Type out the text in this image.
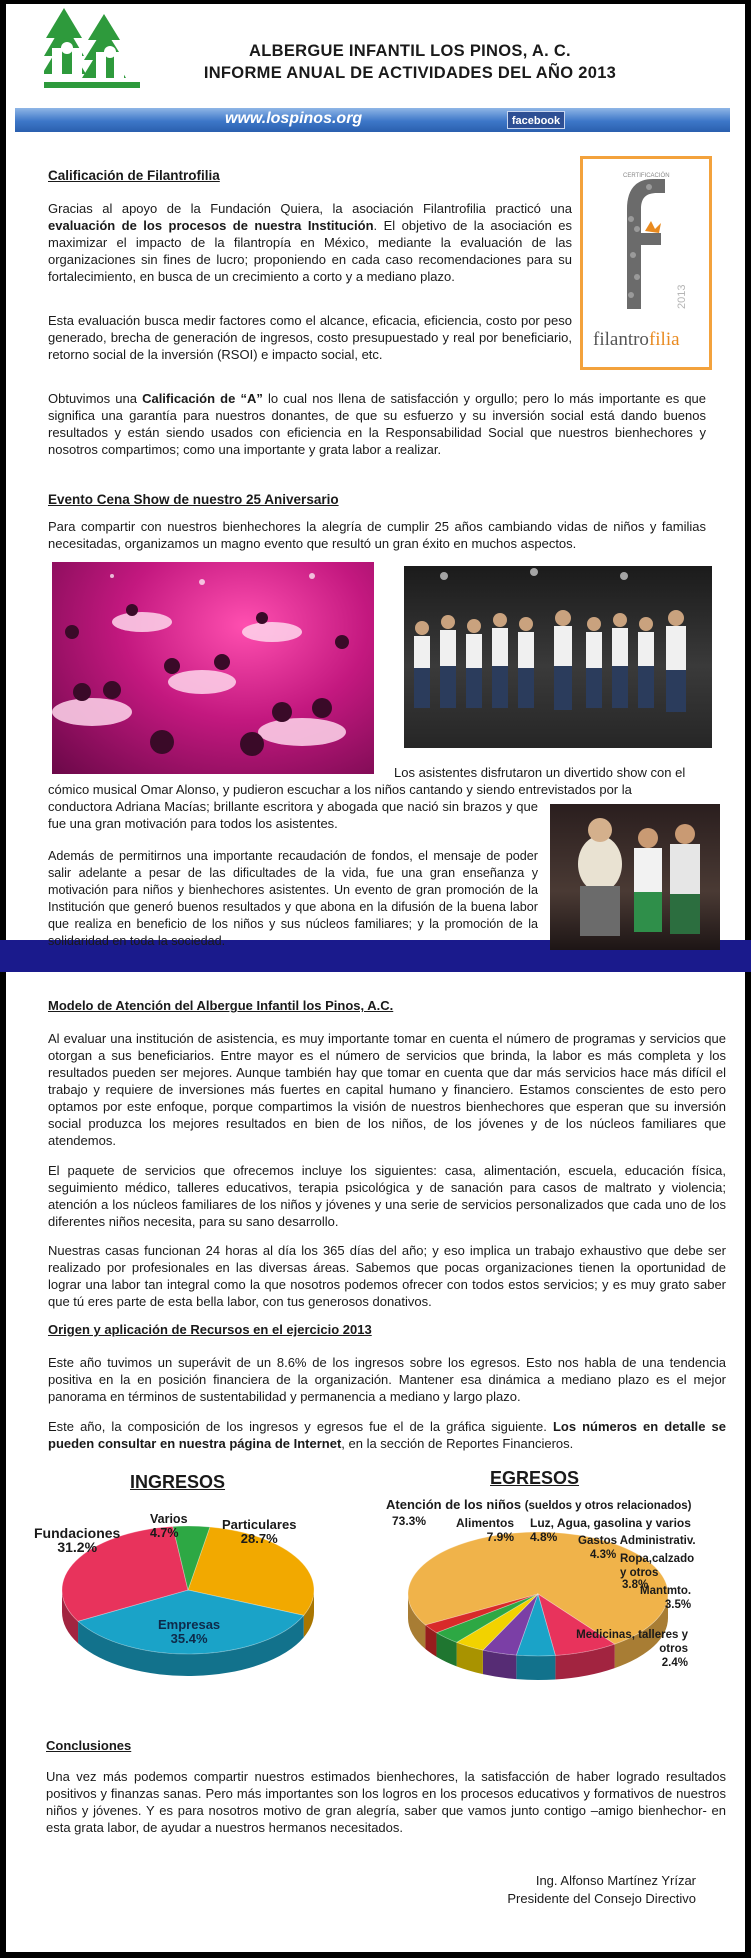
ALBERGUE INFANTIL LOS PINOS, A. C.
INFORME ANUAL DE ACTIVIDADES DEL AÑO 2013
www.lospinos.org	facebook
Calificación de Filantrofilia
Gracias al apoyo de la Fundación Quiera, la asociación Filantrofilia practicó una evaluación de los procesos de nuestra Institución. El objetivo de la asociación es maximizar el impacto de la filantropía en México, mediante la evaluación de las organizaciones sin fines de lucro; proponiendo en cada caso recomendaciones para su fortalecimiento, en busca de un crecimiento a corto y a mediano plazo.
Esta evaluación busca medir factores como el alcance, eficacia, eficiencia, costo por peso generado, brecha de generación de ingresos, costo presupuestado y real por beneficiario, retorno social de la inversión (RSOI) e impacto social, etc.
Obtuvimos una Calificación de “A” lo cual nos llena de satisfacción y orgullo; pero lo más importante es que significa una garantía para nuestros donantes, de que su esfuerzo y su inversión social está dando buenos resultados y están siendo usados con eficiencia en la Responsabilidad Social que nuestros bienhechores y nosotros compartimos; como una importante y grata labor a realizar.
CERTIFICACIÓN
2013
filantrofilia
Evento Cena Show de nuestro 25 Aniversario
Para compartir con nuestros bienhechores la alegría de cumplir 25 años cambiando vidas de niños y familias necesitadas, organizamos un magno evento que resultó un gran éxito en muchos aspectos.
Los asistentes disfrutaron un divertido show con el
cómico musical Omar Alonso, y pudieron escuchar a los niños cantando y siendo entrevistados por la
conductora Adriana Macías; brillante escritora y abogada que nació sin brazos y que fue una gran motivación para todos los asistentes.
Además de permitirnos una importante recaudación de fondos, el mensaje de poder salir adelante a pesar de las dificultades de la vida, fue una gran enseñanza y motivación para niños y bienhechores asistentes. Un evento de gran promoción de la Institución que generó buenos resultados y que abona en la difusión de la buena labor que realiza en beneficio de los niños y sus núcleos familiares; y la promoción de la solidaridad en toda la sociedad.
Modelo de Atención del Albergue Infantil los Pinos, A.C.
Al evaluar una institución de asistencia, es muy importante tomar en cuenta el número de programas y servicios que otorgan a sus beneficiarios. Entre mayor es el número de servicios que brinda, la labor es más completa y los resultados pueden ser mejores. Aunque también hay que tomar en cuenta que dar más servicios hace más difícil el trabajo y requiere de inversiones más fuertes en capital humano y financiero. Estamos conscientes de esto pero optamos por este enfoque, porque compartimos la visión de nuestros bienhechores que esperan que su inversión social produzca los mejores resultados en bien de los niños, de los jóvenes y de los núcleos familiares que atendemos.
El paquete de servicios que ofrecemos incluye los siguientes: casa, alimentación, escuela, educación física, seguimiento médico, talleres educativos, terapia psicológica y de sanación para casos de maltrato y violencia; atención a los núcleos familiares de los niños y jóvenes y una serie de servicios personalizados que cada uno de los diferentes niños necesita, para su sano desarrollo.
Nuestras casas funcionan 24 horas al día los 365 días del año; y eso implica un trabajo exhaustivo que debe ser realizado por profesionales en las diversas áreas. Sabemos que pocas organizaciones tienen la oportunidad de lograr una labor tan integral como la que nosotros podemos ofrecer con todos estos servicios; y es muy grato saber que tú eres parte de esta bella labor, con tus generosos donativos.
Origen y aplicación de Recursos en el ejercicio 2013
Este año tuvimos un superávit de un 8.6% de los ingresos sobre los egresos. Esto nos habla de una tendencia positiva en la en posición financiera de la organización. Mantener esa dinámica a mediano plazo es el mejor panorama en términos de sustentabilidad y permanencia a mediano y largo plazo.
Este año, la composición de los ingresos y egresos fue el de la gráfica siguiente. Los números en detalle se pueden consultar en nuestra página de Internet, en la sección de Reportes Financieros.
INGRESOS	EGRESOS
Particulares
28.7%
Empresas
35.4%
Fundaciones
31.2%
Varios
4.7%
Atención de los niños (sueldos y otros relacionados)
73.3% Alimentos
7.9%
Luz, Agua, gasolina y varios
4.8%	Gastos Administrativ.
4.3% Ropa,calzado y otros
3.8%
Mantmto.
3.5%
Medicinas, talleres y otros
2.4%
Conclusiones
Una vez más podemos compartir nuestros estimados bienhechores, la satisfacción de haber logrado resultados positivos y finanzas sanas. Pero más importantes son los logros en los procesos educativos y formativos de nuestros niños y jóvenes. Y es para nosotros motivo de gran alegría, saber que vamos junto contigo –amigo bienhechor- en esta grata labor, de ayudar a nuestros hermanos necesitados.
Ing. Alfonso Martínez Yrízar
Presidente del Consejo Directivo
